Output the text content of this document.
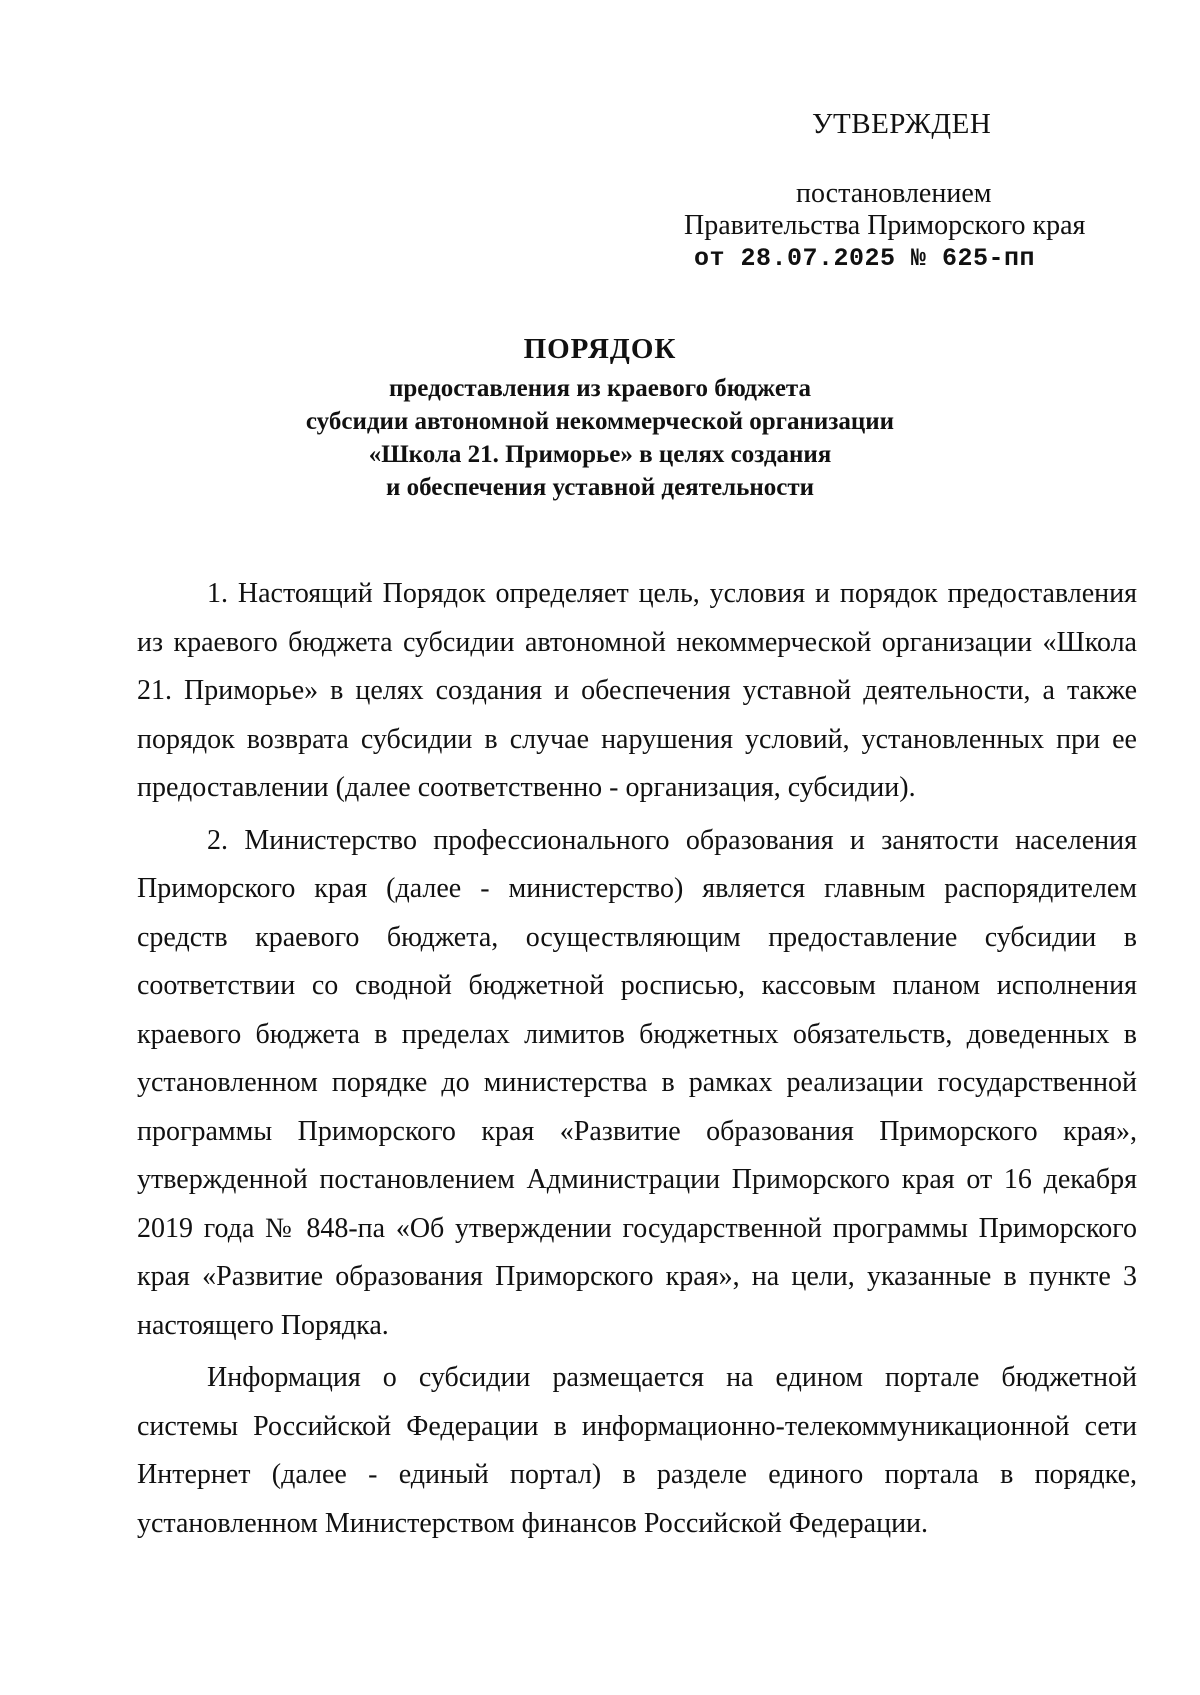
УТВЕРЖДЕН

постановлением

Правительства Приморского края

от 28.07.2025 № 625-пп

ПОРЯДОК

предоставления из краевого бюджета

субсидии автономной некоммерческой организации

«Школа 21. Приморье» в целях создания

и обеспечения уставной деятельности

1. Настоящий Порядок определяет цель, условия и порядок предоставления из краевого бюджета субсидии автономной некоммерческой организации «Школа 21. Приморье» в целях создания и обеспечения уставной деятельности, а также порядок возврата субсидии в случае нарушения условий, установленных при ее предоставлении (далее соответственно - организация, субсидии).

2. Министерство профессионального образования и занятости населения Приморского края (далее - министерство) является главным распорядителем средств краевого бюджета, осуществляющим предоставление субсидии в соответствии со сводной бюджетной росписью, кассовым планом исполнения краевого бюджета в пределах лимитов бюджетных обязательств, доведенных в установленном порядке до министерства в рамках реализации государственной программы Приморского края «Развитие образования Приморского края», утвержденной постановлением Администрации Приморского края от 16 декабря 2019 года № 848-па «Об утверждении государственной программы Приморского края «Развитие образования Приморского края», на цели, указанные в пункте 3 настоящего Порядка.

Информация о субсидии размещается на едином портале бюджетной системы Российской Федерации в информационно-телекоммуникационной сети Интернет (далее - единый портал) в разделе единого портала в порядке, установленном Министерством финансов Российской Федерации.
